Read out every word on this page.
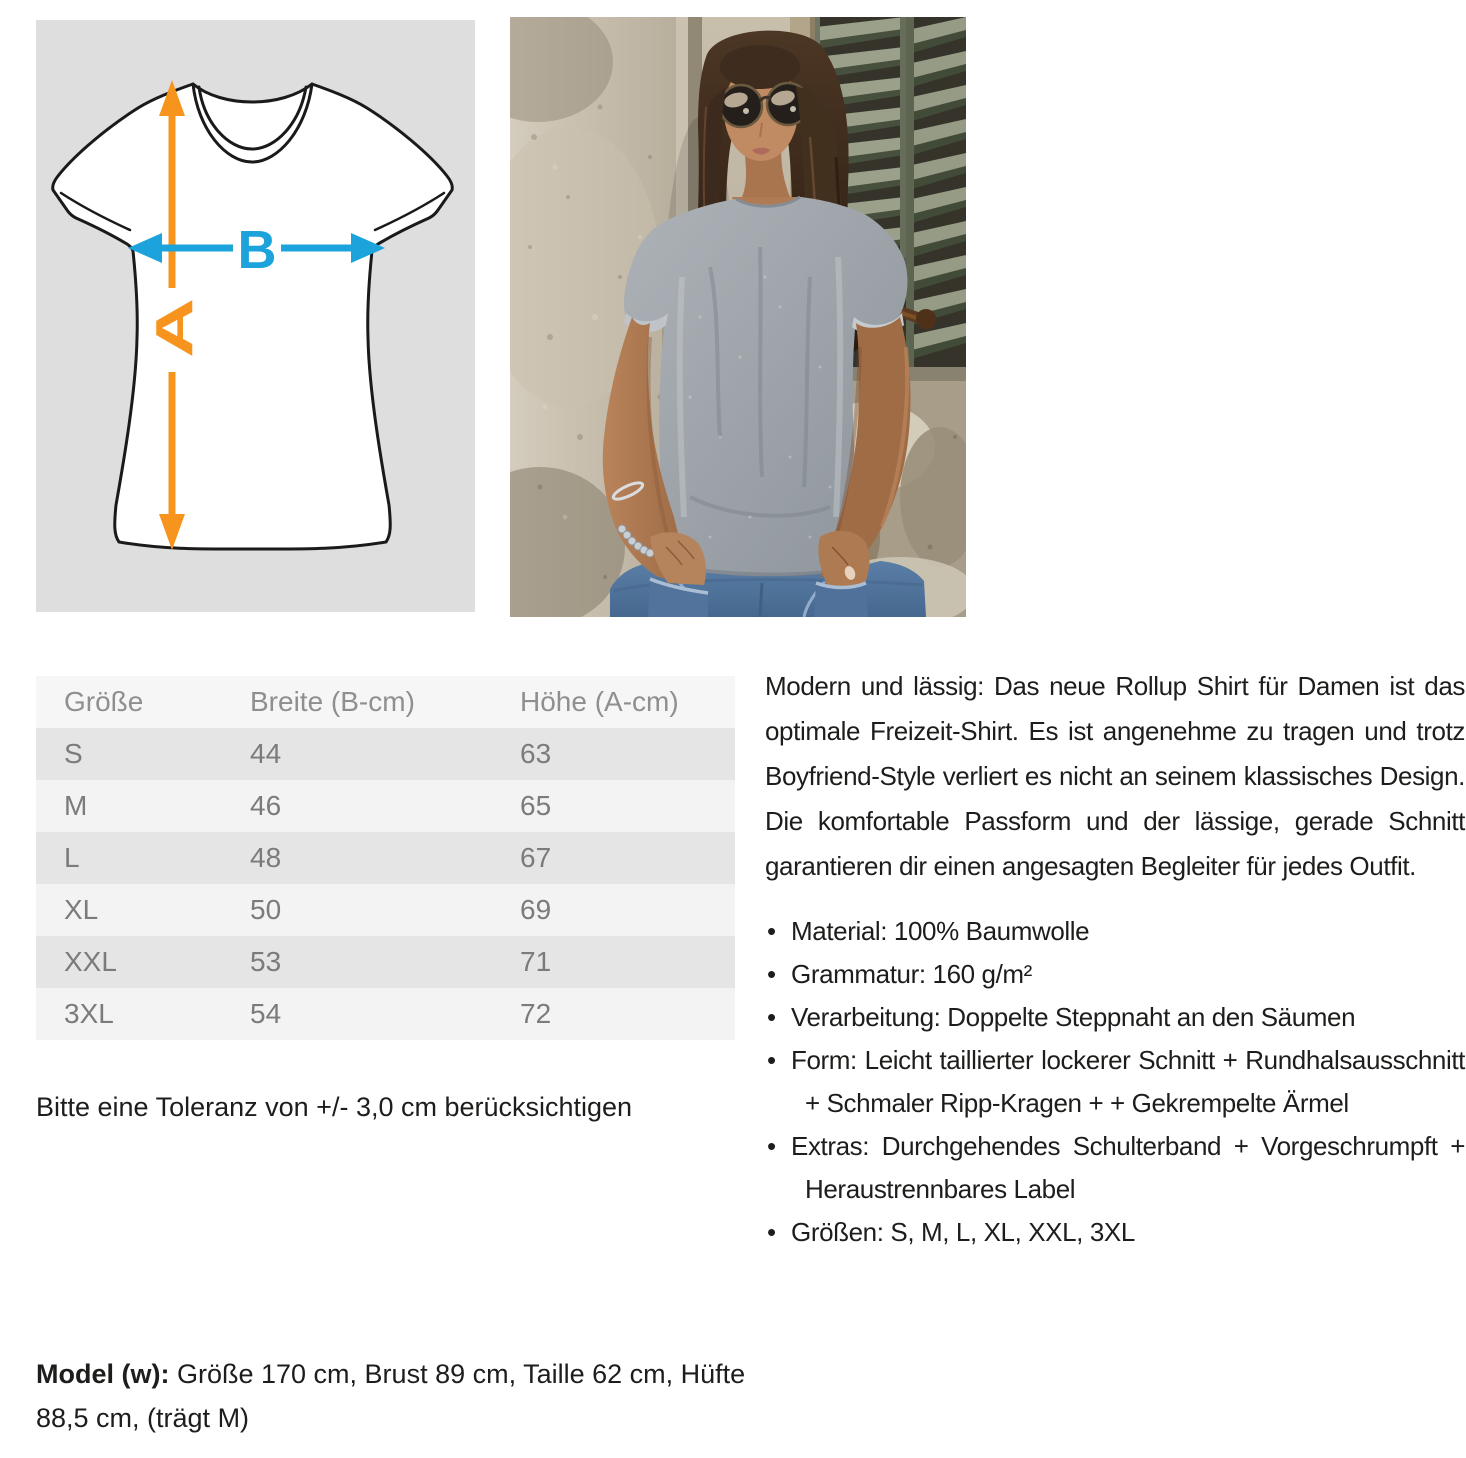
A
B
Größe	Breite (B-cm)	Höhe (A-cm)
S	44	63
M	46	65
L	48	67
XL	50	69
XXL	53	71
3XL	54	72
Bitte eine Toleranz von +/- 3,0 cm berücksichtigen
Modern und lässig: Das neue Rollup Shirt für Damen ist das optimale Freizeit-Shirt. Es ist angenehme zu tragen und trotz Boyfriend-Style verliert es nicht an seinem klassisches Design. Die komfortable Passform und der lässige, gerade Schnitt garantieren dir einen angesagten Begleiter für jedes Outfit.
• Material: 100% Baumwolle
• Grammatur: 160 g/m²
• Verarbeitung: Doppelte Steppnaht an den Säumen
• Form: Leicht taillierter lockerer Schnitt + Rundhalsausschnitt + Schmaler Ripp-Kragen + + Gekrempelte Ärmel
• Extras: Durchgehendes Schulterband + Vorgeschrumpft + Heraustrennbares Label
• Größen: S, M, L, XL, XXL, 3XL
Model (w): Größe 170 cm, Brust 89 cm, Taille 62 cm, Hüfte 88,5 cm, (trägt M)
